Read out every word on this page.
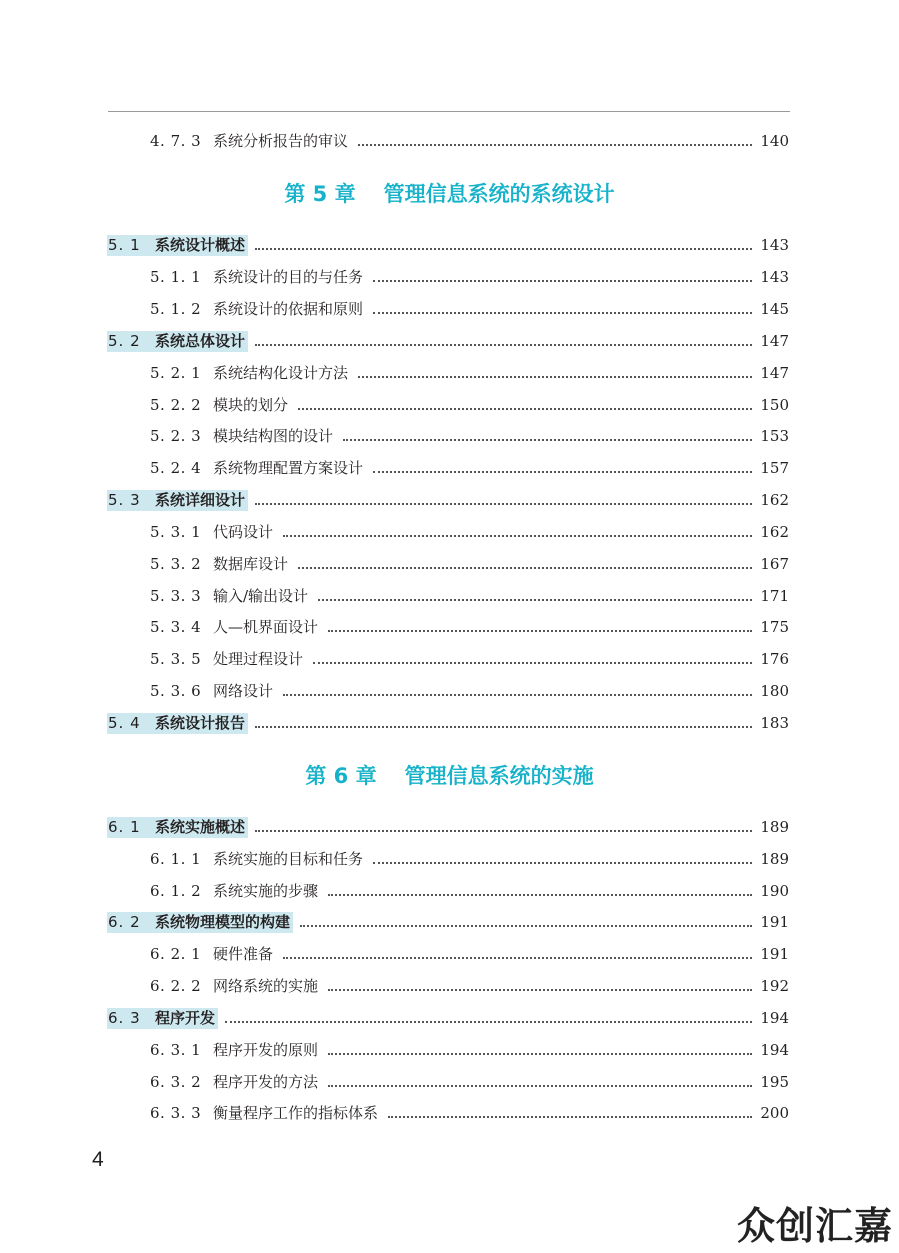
第 5 章 管理信息系统的系统设计
第 6 章 管理信息系统的实施
4. 7. 3 系统分析报告的审议	140
5. 1 系统设计概述	143
5. 1. 1 系统设计的目的与任务	143
5. 1. 2 系统设计的依据和原则	145
5. 2 系统总体设计	147
5. 2. 1 系统结构化设计方法	147
5. 2. 2 模块的划分	150
5. 2. 3 模块结构图的设计	153
5. 2. 4 系统物理配置方案设计	157
5. 3 系统详细设计	162
5. 3. 1 代码设计	162
5. 3. 2 数据库设计	167
5. 3. 3 输入/输出设计	171
5. 3. 4 人—机界面设计	175
5. 3. 5 处理过程设计	176
5. 3. 6 网络设计	180
5. 4 系统设计报告	183
6. 1 系统实施概述	189
6. 1. 1 系统实施的目标和任务	189
6. 1. 2 系统实施的步骤	190
6. 2 系统物理模型的构建	191
6. 2. 1 硬件准备	191
6. 2. 2 网络系统的实施	192
6. 3 程序开发	194
6. 3. 1 程序开发的原则	194
6. 3. 2 程序开发的方法	195
6. 3. 3 衡量程序工作的指标体系	200
4
众创汇嘉
